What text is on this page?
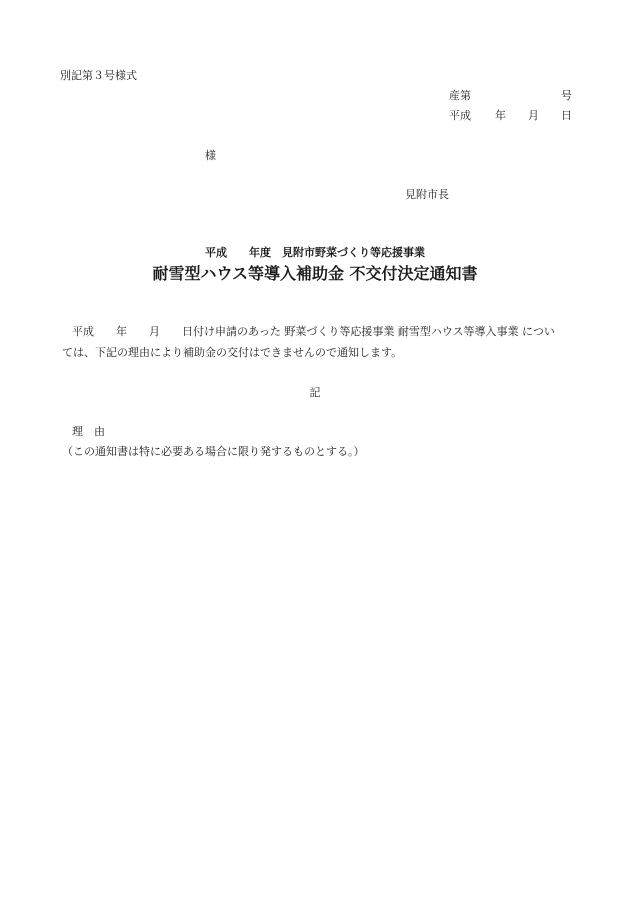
別記第３号様式
産第	号
平成 年 月 日
様
見附市長
平成　　年度　見附市野菜づくり等応援事業
耐雪型ハウス等導入補助金 不交付決定通知書
平成　　年　　月　　日付け申請のあった 野菜づくり等応援事業 耐雪型ハウス等導入事業 につい
ては、下記の理由により補助金の交付はできませんので通知します。
記
理　由
（この通知書は特に必要ある場合に限り発するものとする。）
